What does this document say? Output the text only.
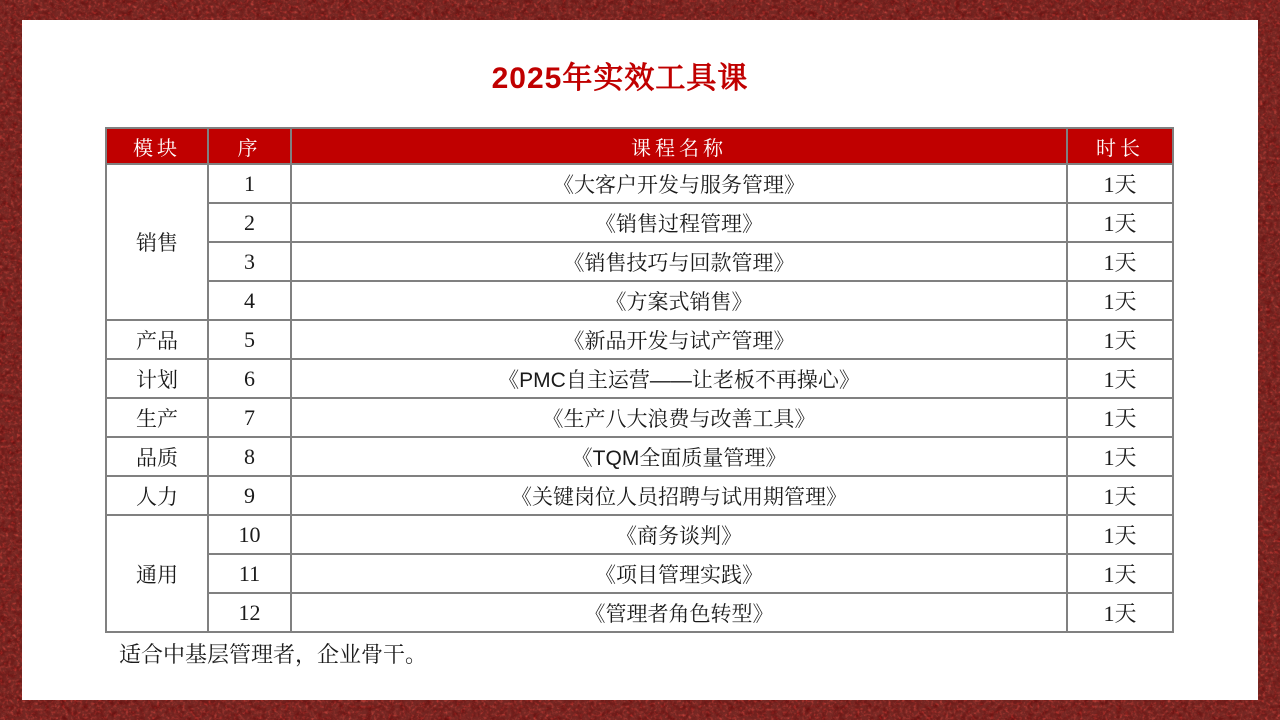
2025年实效工具课
模块	序	课程名称	时长
销售	1	《大客户开发与服务管理》	1天
	2	《销售过程管理》	1天
	3	《销售技巧与回款管理》	1天
	4	《方案式销售》	1天
产品	5	《新品开发与试产管理》	1天
计划	6	《PMC自主运营——让老板不再操心》	1天
生产	7	《生产八大浪费与改善工具》	1天
品质	8	《TQM全面质量管理》	1天
人力	9	《关键岗位人员招聘与试用期管理》	1天
通用	10	《商务谈判》	1天
	11	《项目管理实践》	1天
	12	《管理者角色转型》	1天

适合中基层管理者，企业骨干。
